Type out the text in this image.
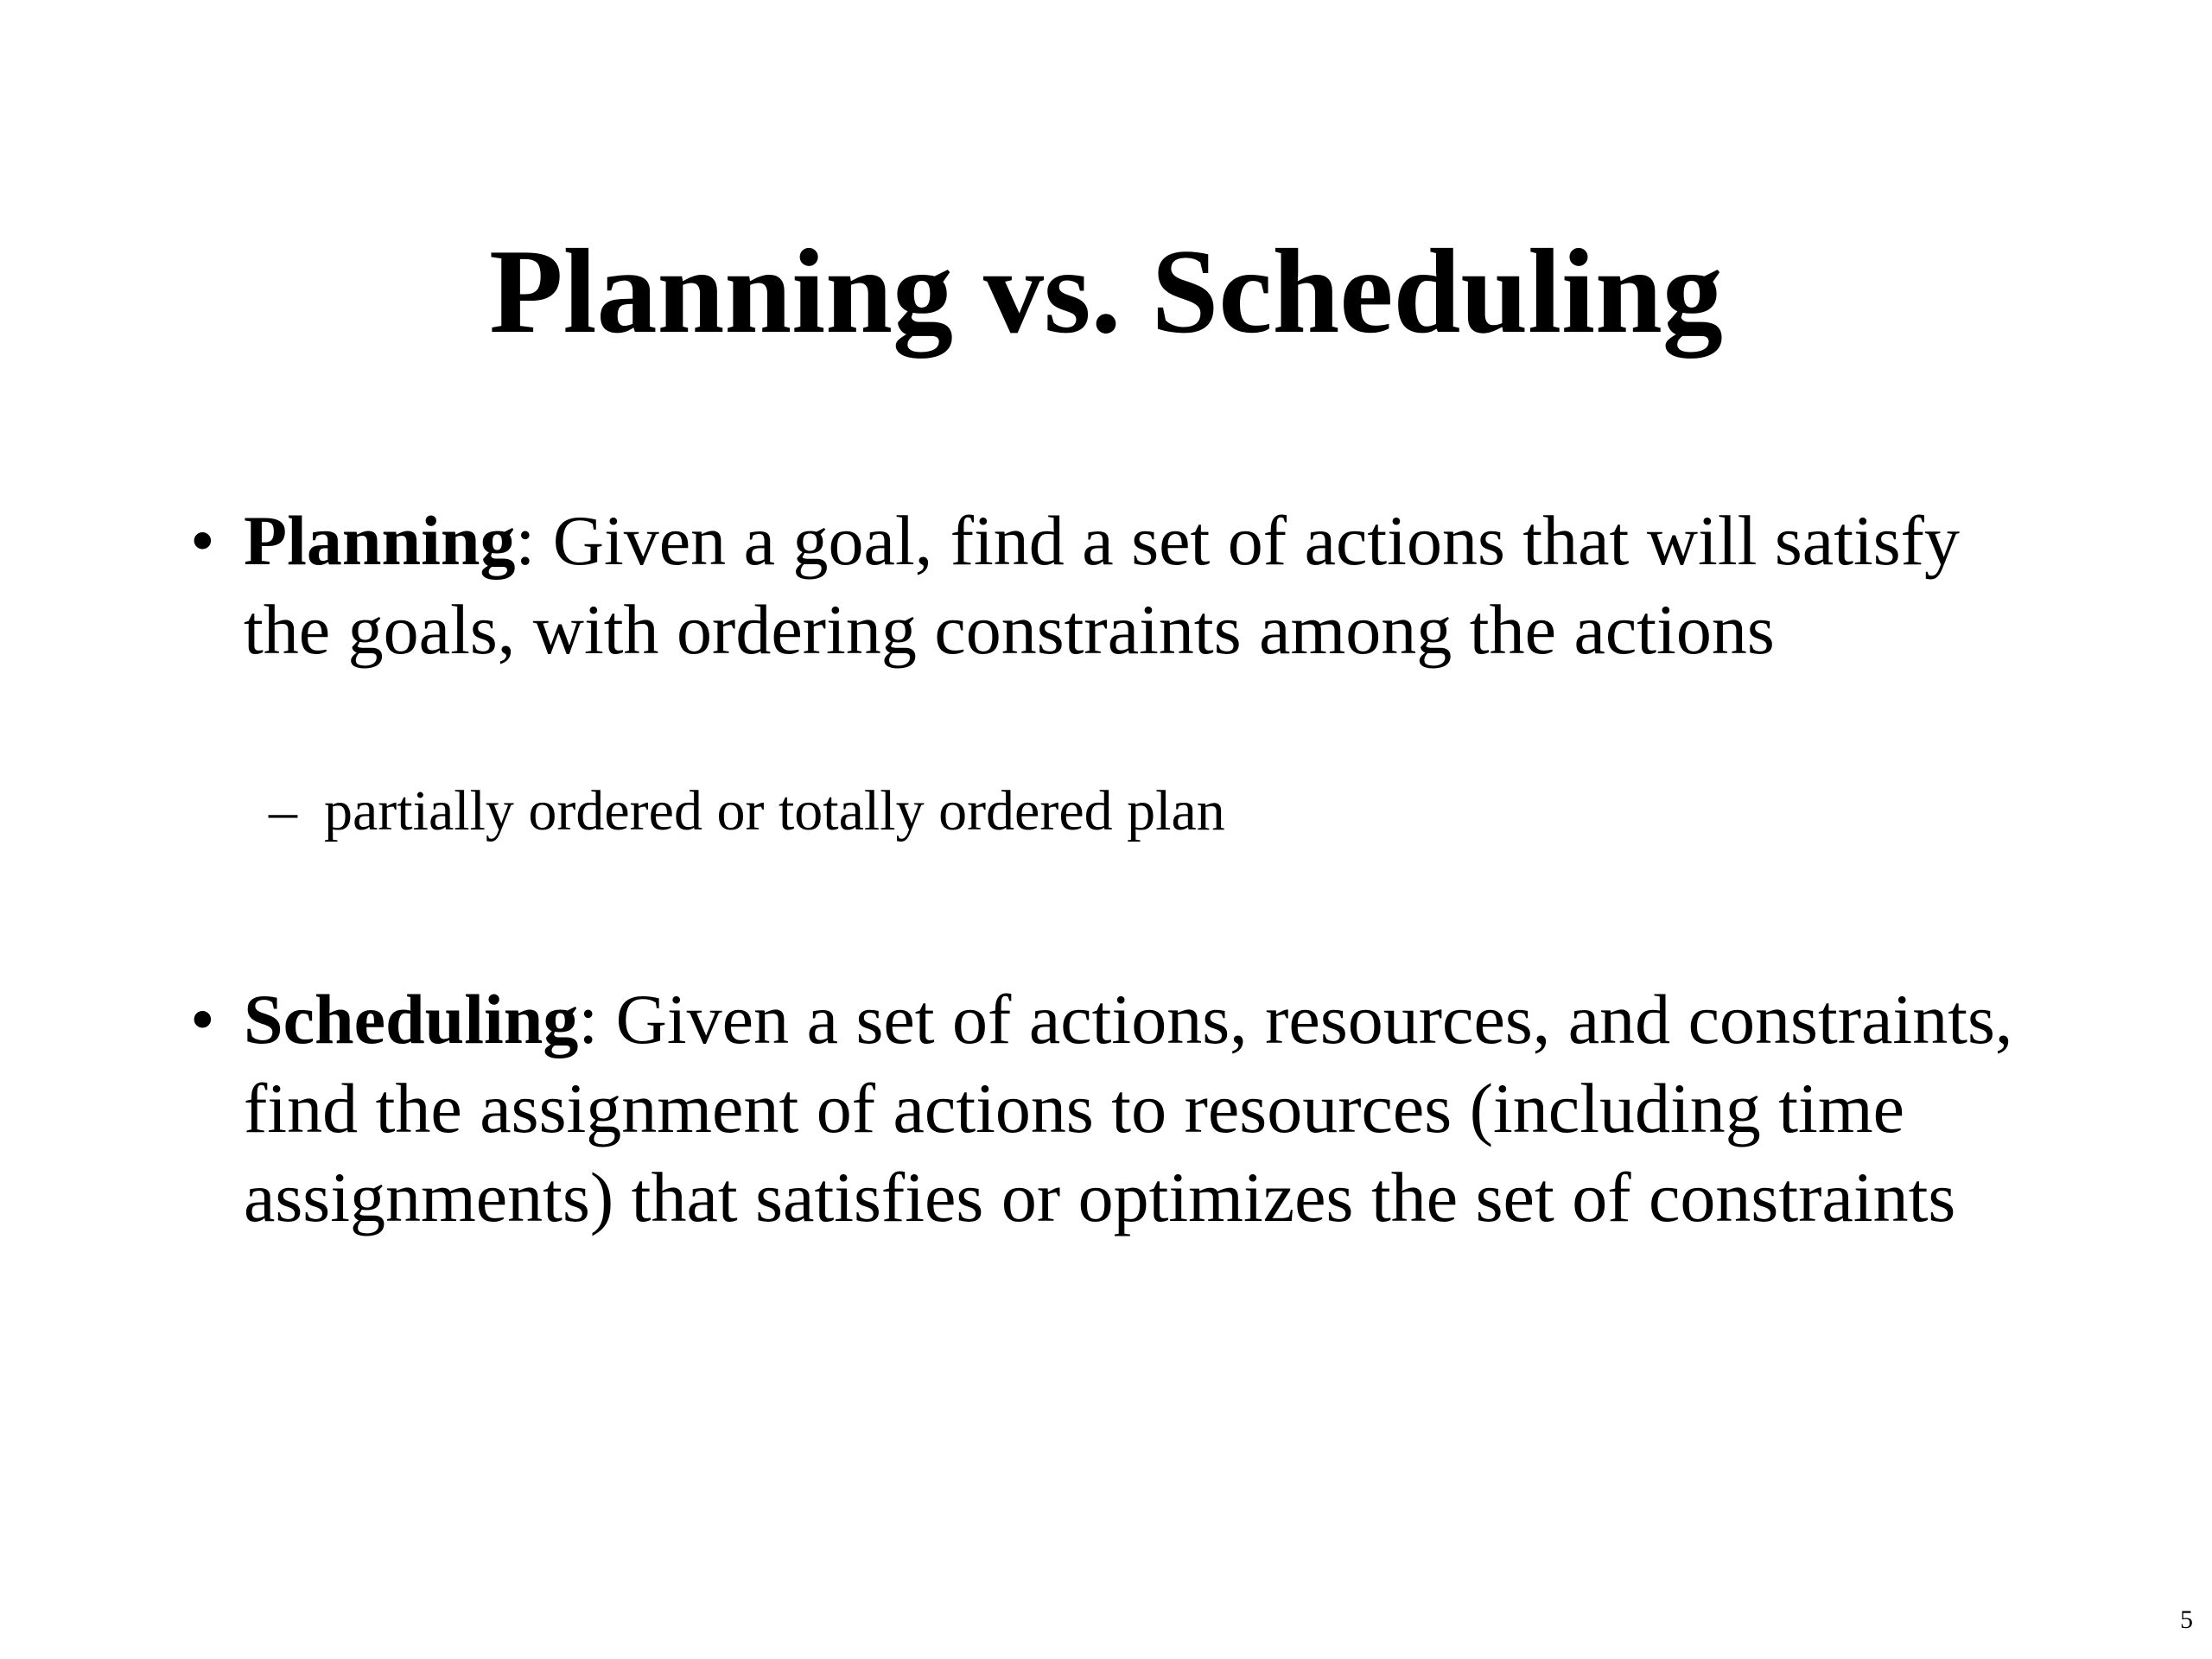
Planning vs. Scheduling
• Planning: Given a goal, find a set of actions that will satisfy the goals, with ordering constraints among the actions
– partially ordered or totally ordered plan
• Scheduling: Given a set of actions, resources, and constraints, find the assignment of actions to resources (including time assignments) that satisfies or optimizes the set of constraints
5
